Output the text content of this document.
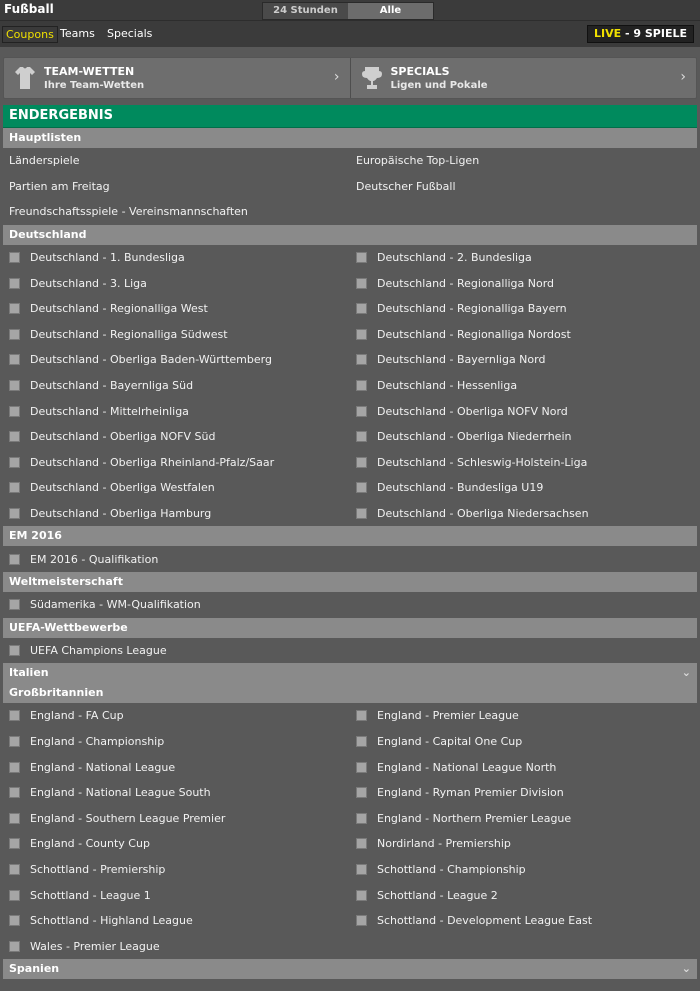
Fußball	24 Stunden	Alle
Coupons Teams Specials	LIVE - 9 SPIELE
TEAM-WETTEN
Ihre Team-Wetten
›	SPECIALS
Ligen und Pokale
›
ENDERGEBNIS
Hauptlisten
Länderspiele	Europäische Top-Ligen
Partien am Freitag	Deutscher Fußball
Freundschaftsspiele - Vereinsmannschaften
Deutschland
Deutschland - 1. Bundesliga	Deutschland - 2. Bundesliga
Deutschland - 3. Liga	Deutschland - Regionalliga Nord
Deutschland - Regionalliga West	Deutschland - Regionalliga Bayern
Deutschland - Regionalliga Südwest	Deutschland - Regionalliga Nordost
Deutschland - Oberliga Baden-Württemberg	Deutschland - Bayernliga Nord
Deutschland - Bayernliga Süd	Deutschland - Hessenliga
Deutschland - Mittelrheinliga	Deutschland - Oberliga NOFV Nord
Deutschland - Oberliga NOFV Süd	Deutschland - Oberliga Niederrhein
Deutschland - Oberliga Rheinland-Pfalz/Saar	Deutschland - Schleswig-Holstein-Liga
Deutschland - Oberliga Westfalen	Deutschland - Bundesliga U19
Deutschland - Oberliga Hamburg	Deutschland - Oberliga Niedersachsen
EM 2016
EM 2016 - Qualifikation
Weltmeisterschaft
Südamerika - WM-Qualifikation
UEFA-Wettbewerbe
UEFA Champions League
Italien	⌄
Großbritannien
England - FA Cup	England - Premier League
England - Championship	England - Capital One Cup
England - National League	England - National League North
England - National League South	England - Ryman Premier Division
England - Southern League Premier	England - Northern Premier League
England - County Cup	Nordirland - Premiership
Schottland - Premiership	Schottland - Championship
Schottland - League 1	Schottland - League 2
Schottland - Highland League	Schottland - Development League East
Wales - Premier League
Spanien	⌄
